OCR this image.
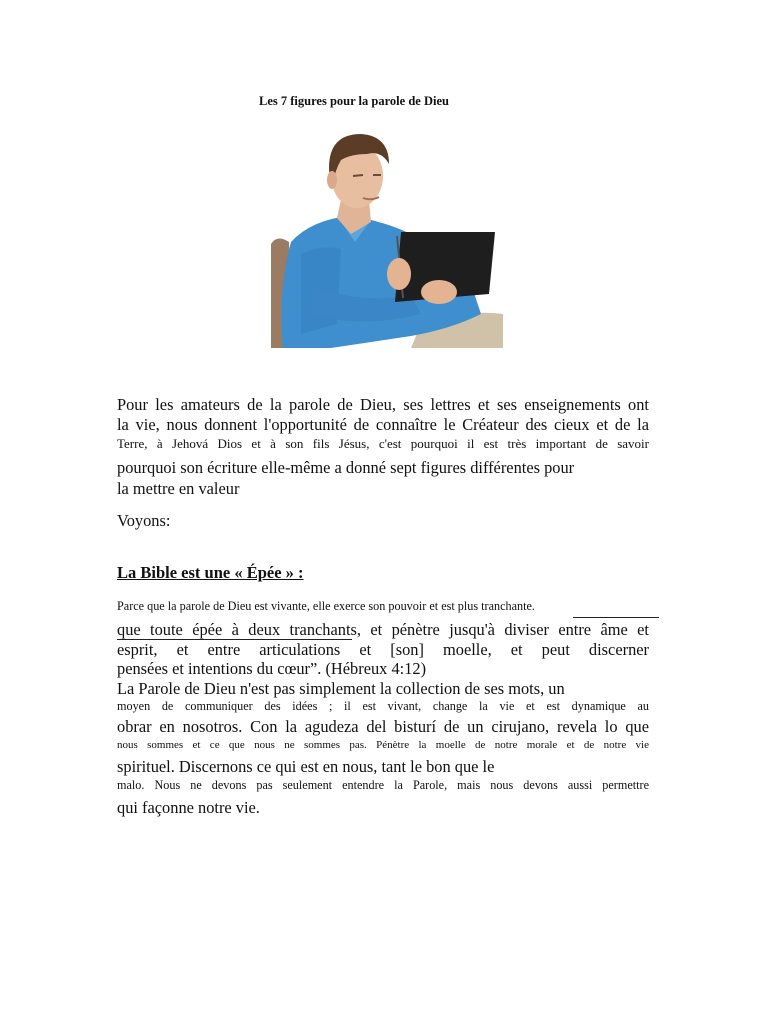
Les 7 figures pour la parole de Dieu
Pour les amateurs de la parole de Dieu, ses lettres et ses enseignements ont
la vie, nous donnent l'opportunité de connaître le Créateur des cieux et de la
Terre, à Jehová Dios et à son fils Jésus, c'est pourquoi il est très important de savoir
pourquoi son écriture elle-même a donné sept figures différentes pour
la mettre en valeur
Voyons:
La Bible est une « Épée » :
Parce que la parole de Dieu est vivante, elle exerce son pouvoir et est plus tranchante.
que toute épée à deux tranchants, et pénètre jusqu'à diviser entre âme et
esprit, et entre articulations et [son] moelle, et peut discerner
pensées et intentions du cœur”. (Hébreux 4:12)
La Parole de Dieu n'est pas simplement la collection de ses mots, un
moyen de communiquer des idées ; il est vivant, change la vie et est dynamique au
obrar en nosotros. Con la agudeza del bisturí de un cirujano, revela lo que
nous sommes et ce que nous ne sommes pas. Pénètre la moelle de notre morale et de notre vie
spirituel. Discernons ce qui est en nous, tant le bon que le
malo. Nous ne devons pas seulement entendre la Parole, mais nous devons aussi permettre
qui façonne notre vie.
